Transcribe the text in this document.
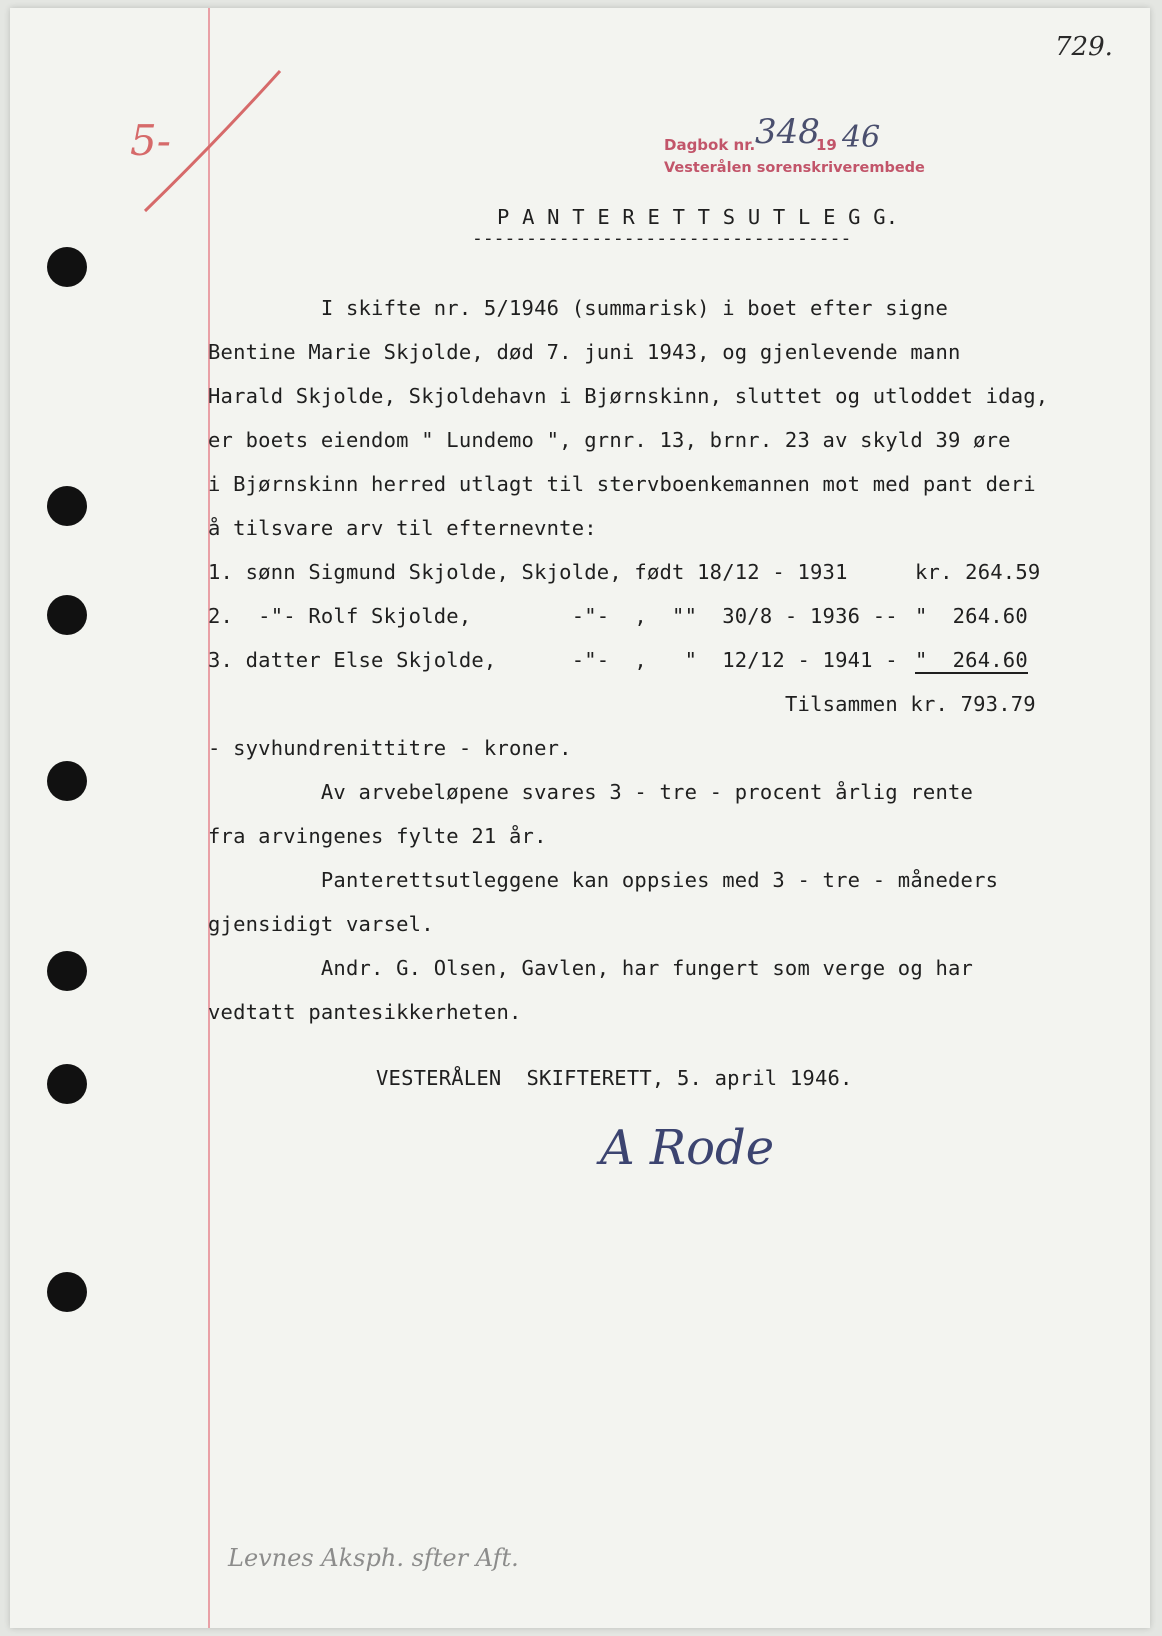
729.
5-	Dagbok nr. 348
19 46
Vesterålen sorenskriverembede
P A N T E R E T T S U T L E G G.
-----------------------------------
I skifte nr. 5/1946 (summarisk) i boet efter signe
Bentine Marie Skjolde, død 7. juni 1943, og gjenlevende mann
Harald Skjolde, Skjoldehavn i Bjørnskinn, sluttet og utloddet idag,
er boets eiendom " Lundemo ", grnr. 13, brnr. 23 av skyld 39 øre
i Bjørnskinn herred utlagt til stervboenkemannen mot med pant deri
å tilsvare arv til efternevnte:
1. sønn Sigmund Skjolde, Skjolde, født 18/12 - 1931	kr. 264.59
2.  -"- Rolf Skjolde,        -"-  ,  ""  30/8 - 1936 -- "  264.60
3. datter Else Skjolde,      -"-  ,   "  12/12 - 1941 - "  264.60
Tilsammen kr. 793.79
- syvhundrenittitre - kroner.
Av arvebeløpene svares 3 - tre - procent årlig rente
fra arvingenes fylte 21 år.
Panterettsutleggene kan oppsies med 3 - tre - måneders
gjensidigt varsel.
Andr. G. Olsen, Gavlen, har fungert som verge og har
vedtatt pantesikkerheten.
VESTERÅLEN  SKIFTERETT, 5. april 1946.
A Rode
Levnes Aksph. sfter Aft.
